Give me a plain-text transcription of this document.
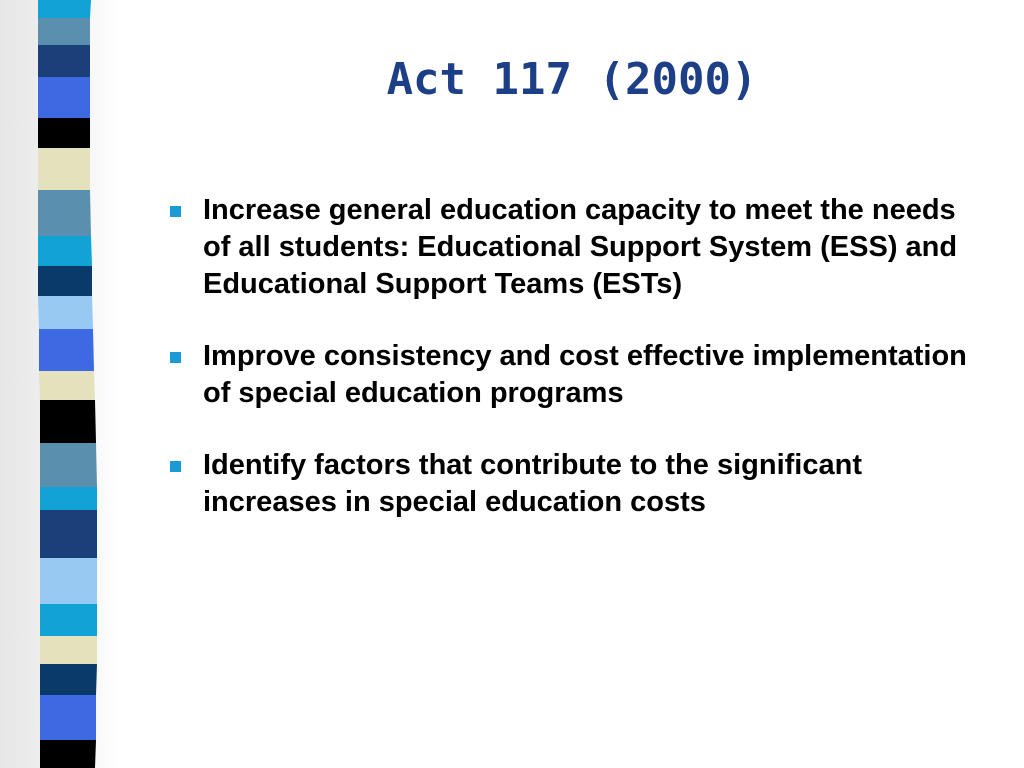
Act 117 (2000)
Increase general education capacity to meet the needs of all students: Educational Support System (ESS) and Educational Support Teams (ESTs)
Improve consistency and cost effective implementation of special education programs
Identify factors that contribute to the significant increases in special education costs
